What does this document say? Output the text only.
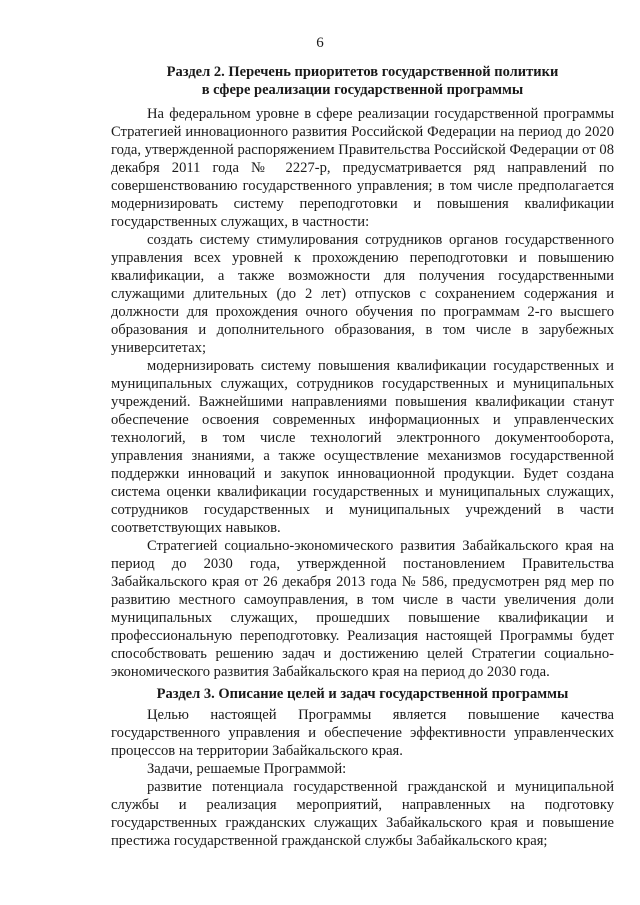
6

Раздел 2. Перечень приоритетов государственной политики

в сфере реализации государственной программы

На федеральном уровне в сфере реализации государственной программы Стратегией инновационного развития Российской Федерации на период до 2020 года, утвержденной распоряжением Правительства Российской Федерации от 08 декабря 2011 года № 2227-р, предусматривается ряд направлений по совершенствованию государственного управления; в том числе предполагается модернизировать систему переподготовки и повышения квалификации государственных служащих, в частности:

создать систему стимулирования сотрудников органов государственного управления всех уровней к прохождению переподготовки и повышению квалификации, а также возможности для получения государственными служащими длительных (до 2 лет) отпусков с сохранением содержания и должности для прохождения очного обучения по программам 2-го высшего образования и дополнительного образования, в том числе в зарубежных университетах;

модернизировать систему повышения квалификации государственных и муниципальных служащих, сотрудников государственных и муниципальных учреждений. Важнейшими направлениями повышения квалификации станут обеспечение освоения современных информационных и управленческих технологий, в том числе технологий электронного документооборота, управления знаниями, а также осуществление механизмов государственной поддержки инноваций и закупок инновационной продукции. Будет создана система оценки квалификации государственных и муниципальных служащих, сотрудников государственных и муниципальных учреждений в части соответствующих навыков.

Стратегией социально-экономического развития Забайкальского края на период до 2030 года, утвержденной постановлением Правительства Забайкальского края от 26 декабря 2013 года № 586, предусмотрен ряд мер по развитию местного самоуправления, в том числе в части увеличения доли муниципальных служащих, прошедших повышение квалификации и профессиональную переподготовку. Реализация настоящей Программы будет способствовать решению задач и достижению целей Стратегии социально-экономического развития Забайкальского края на период до 2030 года.

Раздел 3. Описание целей и задач государственной программы

Целью настоящей Программы является повышение качества государственного управления и обеспечение эффективности управленческих процессов на территории Забайкальского края.

Задачи, решаемые Программой:

развитие потенциала государственной гражданской и муниципальной службы и реализация мероприятий, направленных на подготовку государственных гражданских служащих Забайкальского края и повышение престижа государственной гражданской службы Забайкальского края;
